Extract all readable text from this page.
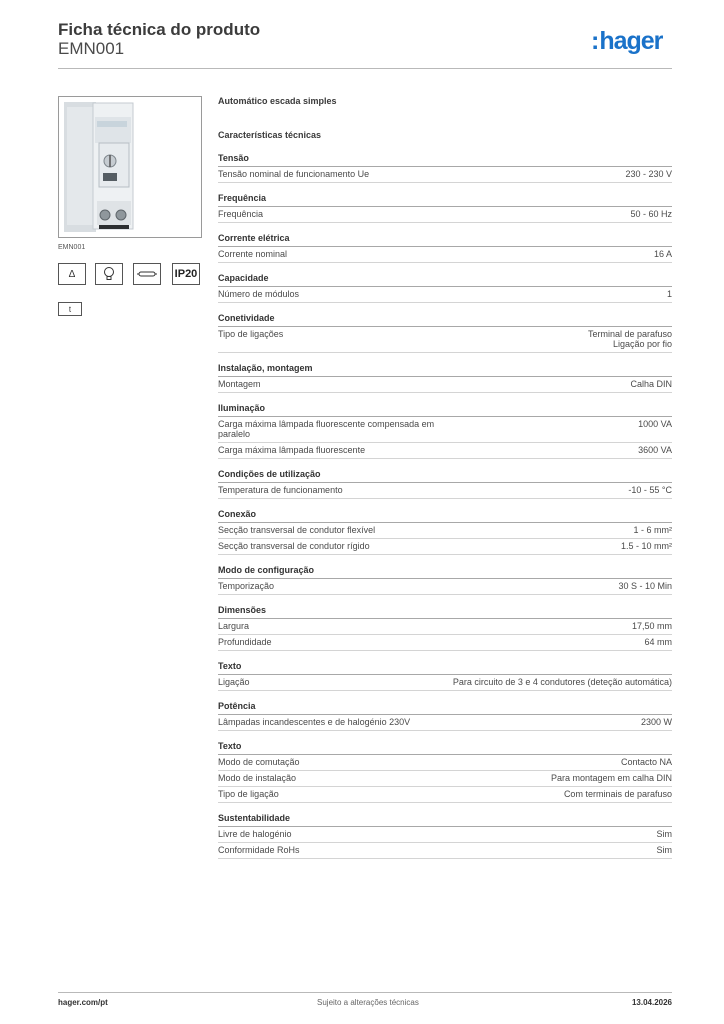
Ficha técnica do produto
EMN001	:hager
EMN001
Δ	IP20
t
Automático escada simples
Características técnicas
Tensão
Tensão nominal de funcionamento Ue	230 - 230 V
Frequência
Frequência	50 - 60 Hz
Corrente elétrica
Corrente nominal	16 A
Capacidade
Número de módulos	1
Conetividade
Tipo de ligações	Terminal de parafuso
Ligação por fio
Instalação, montagem
Montagem	Calha DIN
Iluminação
Carga máxima lâmpada fluorescente compensada em paralelo
1000 VA
Carga máxima lâmpada fluorescente	3600 VA
Condições de utilização
Temperatura de funcionamento	-10 - 55 °C
Conexão
Secção transversal de condutor flexível	1 - 6 mm²
Secção transversal de condutor rígido	1.5 - 10 mm²
Modo de configuração
Temporização	30 S - 10 Min
Dimensões
Largura	17,50 mm
Profundidade	64 mm
Texto
Ligação	Para circuito de 3 e 4 condutores (deteção automática)
Potência
Lâmpadas incandescentes e de halogénio 230V	2300 W
Texto
Modo de comutação	Contacto NA
Modo de instalação	Para montagem em calha DIN
Tipo de ligação	Com terminais de parafuso
Sustentabilidade
Livre de halogénio	Sim
Conformidade RoHs	Sim
hager.com/pt	Sujeito a alterações técnicas	13.04.2026
